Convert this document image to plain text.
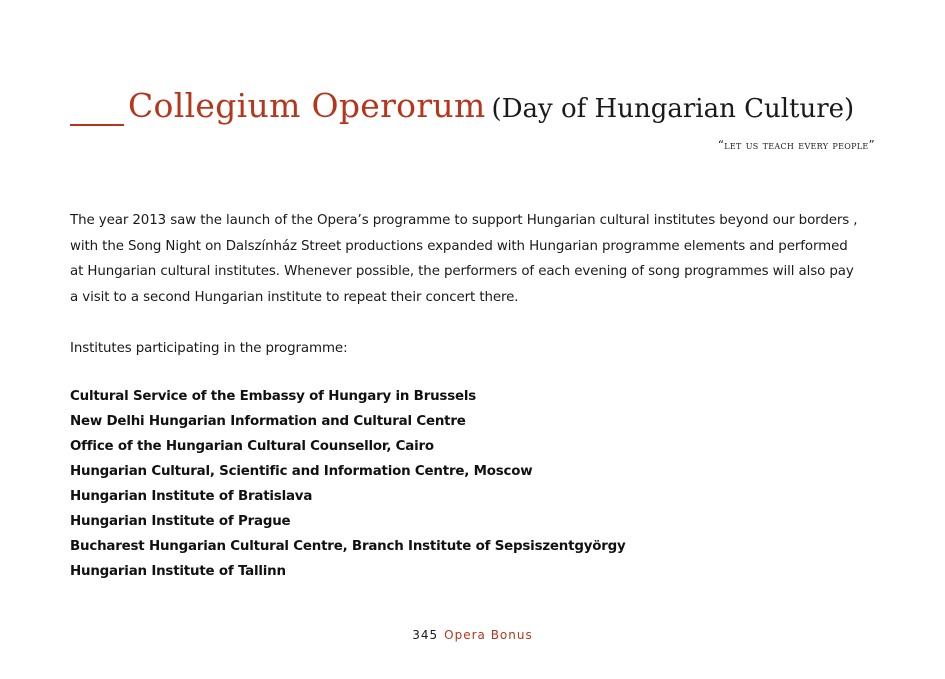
Collegium Operorum (Day of Hungarian Culture)
“let us teach every people”

The year 2013 saw the launch of the Opera’s programme to support Hungarian cultural institutes beyond our borders , with the Song Night on Dalszínház Street productions expanded with Hungarian programme elements and performed at Hungarian cultural institutes. Whenever possible, the performers of each evening of song programmes will also pay a visit to a second Hungarian institute to repeat their concert there.

Institutes participating in the programme:

Cultural Service of the Embassy of Hungary in Brussels
New Delhi Hungarian Information and Cultural Centre
Office of the Hungarian Cultural Counsellor, Cairo
Hungarian Cultural, Scientific and Information Centre, Moscow
Hungarian Institute of Bratislava
Hungarian Institute of Prague
Bucharest Hungarian Cultural Centre, Branch Institute of Sepsiszentgyörgy
Hungarian Institute of Tallinn
345 Opera Bonus
